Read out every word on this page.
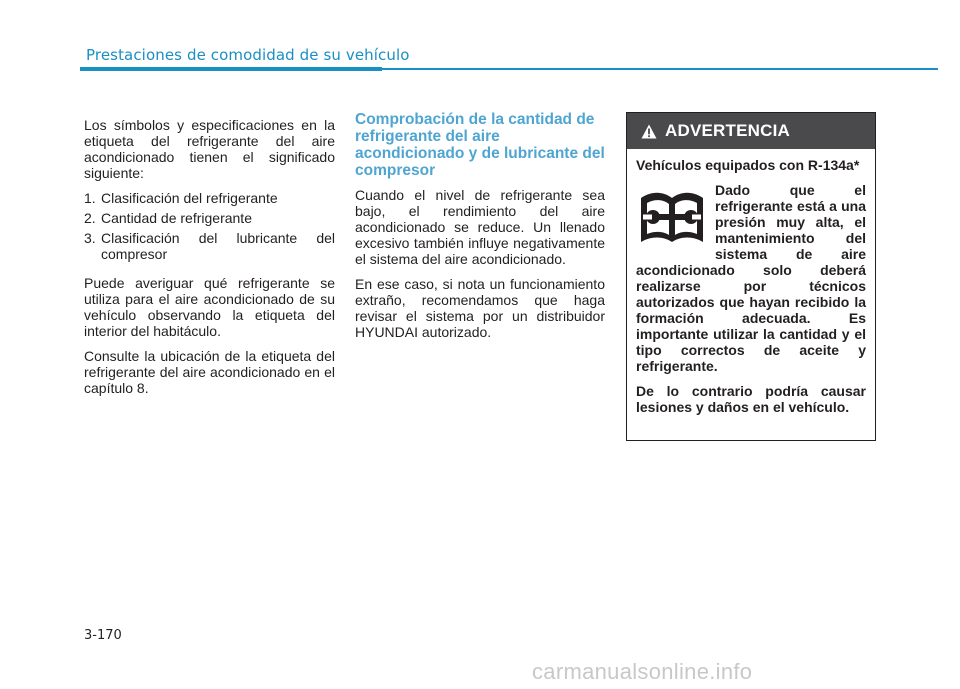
Prestaciones de comodidad de su vehículo

Los símbolos y especificaciones en la etiqueta del refrigerante del aire acondicionado tienen el significado siguiente:

1. Clasificación del refrigerante
2. Cantidad de refrigerante
3. Clasificación del lubricante del compresor

Puede averiguar qué refrigerante se utiliza para el aire acondicionado de su vehículo observando la etiqueta del interior del habitáculo.

Consulte la ubicación de la etiqueta del refrigerante del aire acondicionado en el capítulo 8.

Comprobación de la cantidad de refrigerante del aire acondicionado y de lubricante del compresor

Cuando el nivel de refrigerante sea bajo, el rendimiento del aire acondicionado se reduce. Un llenado excesivo también influye negativamente el sistema del aire acondicionado.

En ese caso, si nota un funcionamiento extraño, recomendamos que haga revisar el sistema por un distribuidor HYUNDAI autorizado.

ADVERTENCIA

Vehículos equipados con R-134a*

Dado que el refrigerante está a una presión muy alta, el mantenimiento del sistema de aire acondicionado solo deberá realizarse por técnicos autorizados que hayan recibido la formación adecuada. Es importante utilizar la cantidad y el tipo correctos de aceite y refrigerante.

De lo contrario podría causar lesiones y daños en el vehículo.

3-170
carmanualsonline.info
